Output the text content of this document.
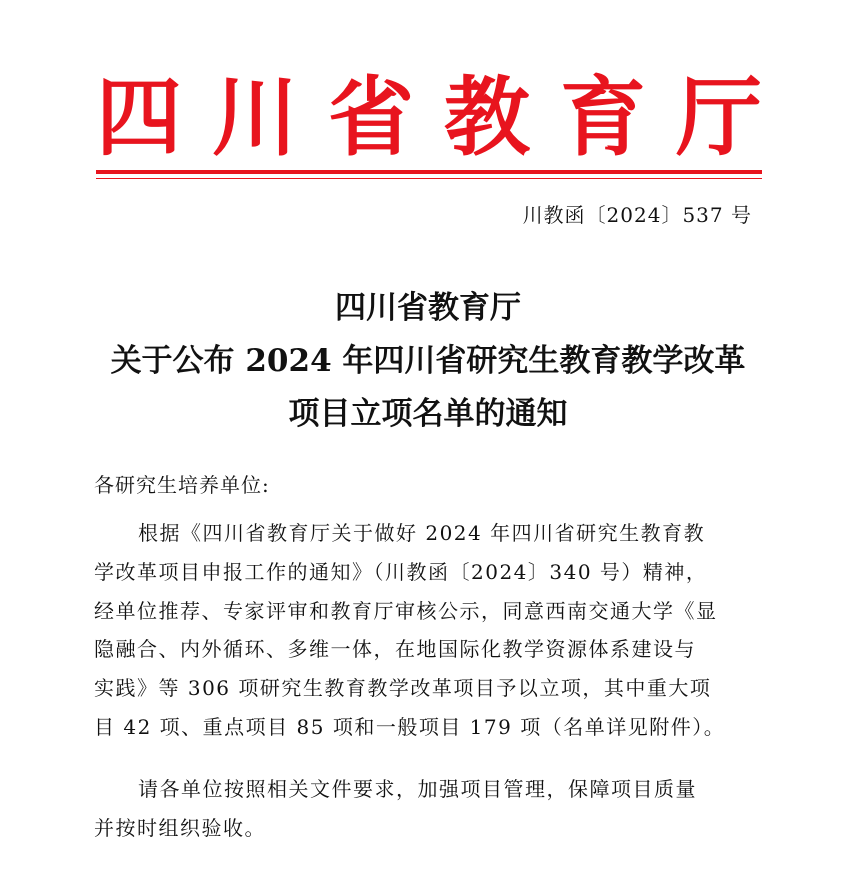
四 川 省 教 育 厅
川教函〔2024〕537 号
四川省教育厅
关于公布 2024 年四川省研究生教育教学改革
项目立项名单的通知
各研究生培养单位:
根据《四川省教育厅关于做好 2024 年四川省研究生教育教
学改革项目申报工作的通知》（川教函〔2024〕340 号）精神，
经单位推荐、专家评审和教育厅审核公示，同意西南交通大学《显
隐融合、内外循环、多维一体，在地国际化教学资源体系建设与
实践》等 306 项研究生教育教学改革项目予以立项，其中重大项
目 42 项、重点项目 85 项和一般项目 179 项（名单详见附件）。
请各单位按照相关文件要求，加强项目管理，保障项目质量
并按时组织验收。
